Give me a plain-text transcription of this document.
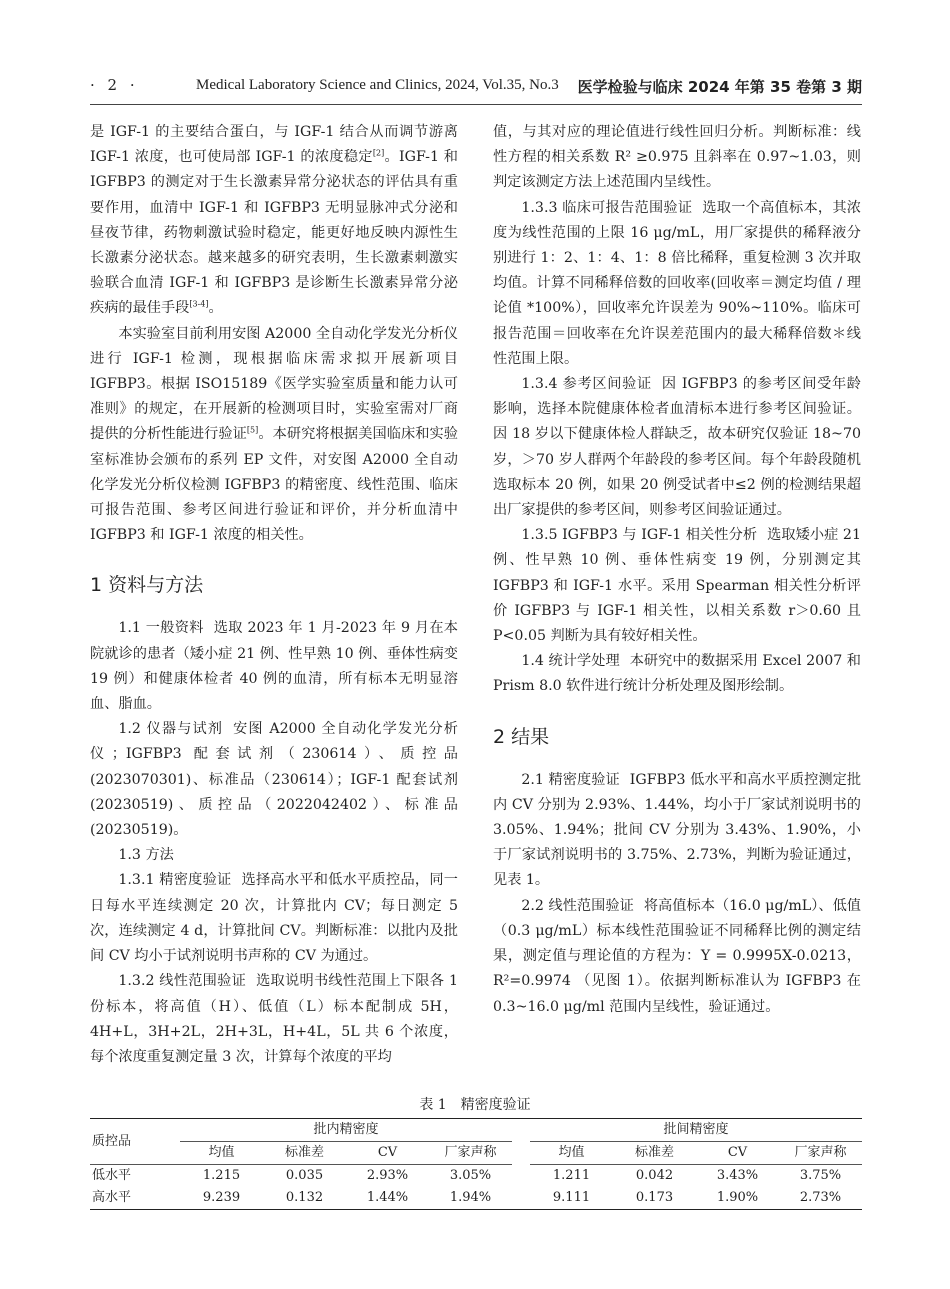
· 2 ·	Medical Laboratory Science and Clinics, 2024, Vol.35, No.3 医学检验与临床 2024 年第 35 卷第 3 期

是 IGF-1 的主要结合蛋白，与 IGF-1 结合从而调节游离 IGF-1 浓度，也可使局部 IGF-1 的浓度稳定[2]。IGF-1 和 IGFBP3 的测定对于生长激素异常分泌状态的评估具有重要作用，血清中 IGF-1 和 IGFBP3 无明显脉冲式分泌和昼夜节律，药物刺激试验时稳定，能更好地反映内源性生长激素分泌状态。越来越多的研究表明，生长激素刺激实验联合血清 IGF-1 和 IGFBP3 是诊断生长激素异常分泌疾病的最佳手段[3-4]。

本实验室目前利用安图 A2000 全自动化学发光分析仪进行 IGF-1 检测，现根据临床需求拟开展新项目 IGFBP3。根据 ISO15189《医学实验室质量和能力认可准则》的规定，在开展新的检测项目时，实验室需对厂商提供的分析性能进行验证[5]。本研究将根据美国临床和实验室标准协会颁布的系列 EP 文件，对安图 A2000 全自动化学发光分析仪检测 IGFBP3 的精密度、线性范围、临床可报告范围、参考区间进行验证和评价，并分析血清中 IGFBP3 和 IGF-1 浓度的相关性。

1 资料与方法

1.1 一般资料 选取 2023 年 1 月-2023 年 9 月在本院就诊的患者（矮小症 21 例、性早熟 10 例、垂体性病变 19 例）和健康体检者 40 例的血清，所有标本无明显溶血、脂血。

1.2 仪器与试剂 安图 A2000 全自动化学发光分析仪；IGFBP3 配套试剂（230614）、质控品(2023070301)、标准品（230614）；IGF-1 配套试剂(20230519)、质控品（2022042402）、标准品(20230519)。

1.3 方法

1.3.1 精密度验证 选择高水平和低水平质控品，同一日每水平连续测定 20 次，计算批内 CV；每日测定 5 次，连续测定 4 d，计算批间 CV。判断标准：以批内及批间 CV 均小于试剂说明书声称的 CV 为通过。

1.3.2 线性范围验证 选取说明书线性范围上下限各 1 份标本，将高值（H）、低值（L）标本配制成 5H，4H+L，3H+2L，2H+3L，H+4L，5L 共 6 个浓度，每个浓度重复测定量 3 次，计算每个浓度的平均

值，与其对应的理论值进行线性回归分析。判断标准：线性方程的相关系数 R² ≥0.975 且斜率在 0.97~1.03，则判定该测定方法上述范围内呈线性。

1.3.3 临床可报告范围验证 选取一个高值标本，其浓度为线性范围的上限 16 μg/mL，用厂家提供的稀释液分别进行 1：2、1：4、1：8 倍比稀释，重复检测 3 次并取均值。计算不同稀释倍数的回收率(回收率＝测定均值 / 理论值 *100%），回收率允许误差为 90%~110%。临床可报告范围＝回收率在允许误差范围内的最大稀释倍数＊线性范围上限。

1.3.4 参考区间验证 因 IGFBP3 的参考区间受年龄影响，选择本院健康体检者血清标本进行参考区间验证。因 18 岁以下健康体检人群缺乏，故本研究仅验证 18~70 岁，＞70 岁人群两个年龄段的参考区间。每个年龄段随机选取标本 20 例，如果 20 例受试者中≤2 例的检测结果超出厂家提供的参考区间，则参考区间验证通过。

1.3.5 IGFBP3 与 IGF-1 相关性分析 选取矮小症 21 例、性早熟 10 例、垂体性病变 19 例，分别测定其 IGFBP3 和 IGF-1 水平。采用 Spearman 相关性分析评价 IGFBP3 与 IGF-1 相关性，以相关系数 r＞0.60 且 P<0.05 判断为具有较好相关性。

1.4 统计学处理 本研究中的数据采用 Excel 2007 和 Prism 8.0 软件进行统计分析处理及图形绘制。

2 结果

2.1 精密度验证 IGFBP3 低水平和高水平质控测定批内 CV 分别为 2.93%、1.44%，均小于厂家试剂说明书的 3.05%、1.94%；批间 CV 分别为 3.43%、1.90%，小于厂家试剂说明书的 3.75%、2.73%，判断为验证通过，见表 1。

2.2 线性范围验证 将高值标本（16.0 μg/mL）、低值（0.3 μg/mL）标本线性范围验证不同稀释比例的测定结果，测定值与理论值的方程为：Y = 0.9995X-0.0213，R²=0.9974 （见图 1）。依据判断标准认为 IGFBP3 在 0.3~16.0 μg/ml 范围内呈线性，验证通过。

表 1　精密度验证
质控品	批内精密度					批间精密度			
	均值	标准差	CV	厂家声称		均值	标准差	CV	厂家声称
低水平	1.215	0.035	2.93%	3.05%		1.211	0.042	3.43%	3.75%
高水平	9.239	0.132	1.44%	1.94%		9.111	0.173	1.90%	2.73%
